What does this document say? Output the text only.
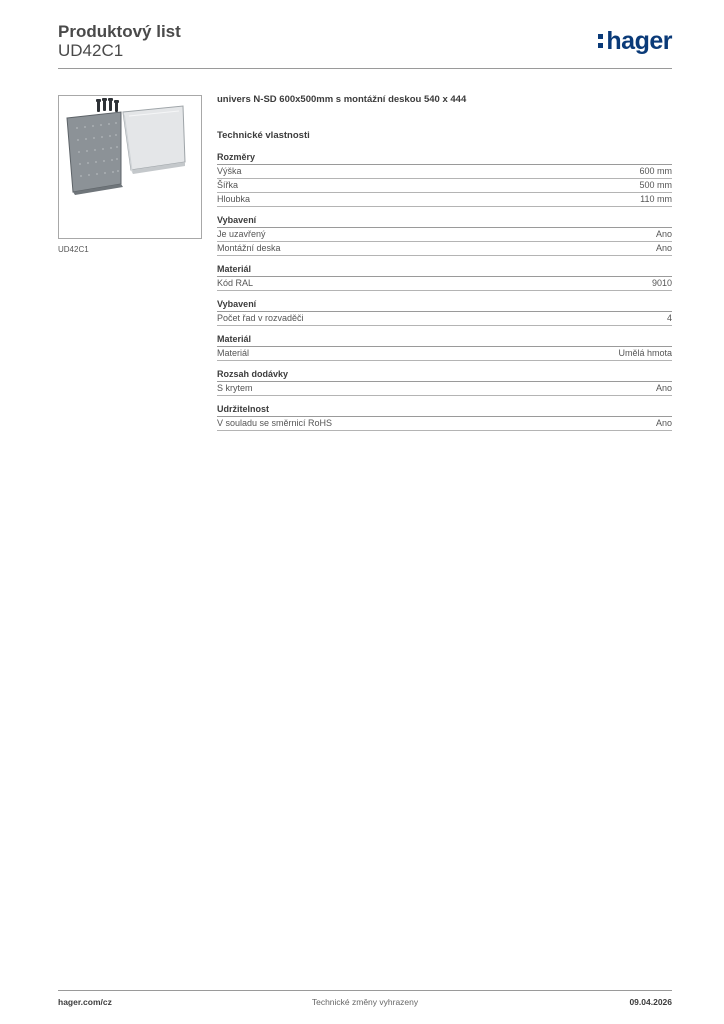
Produktový list
UD42C1	hager
UD42C1
univers N-SD 600x500mm s montážní deskou 540 x 444
Technické vlastnosti
Rozměry
Výška	600 mm
Šířka	500 mm
Hloubka	110 mm
Vybavení
Je uzavřený	Ano
Montážní deska	Ano
Materiál
Kód RAL	9010
Vybavení
Počet řad v rozvaděči	4
Materiál
Materiál	Umělá hmota
Rozsah dodávky
S krytem	Ano
Udržitelnost
V souladu se směrnicí RoHS	Ano
Technické změny vyhrazeny
hager.com/cz	09.04.2026
